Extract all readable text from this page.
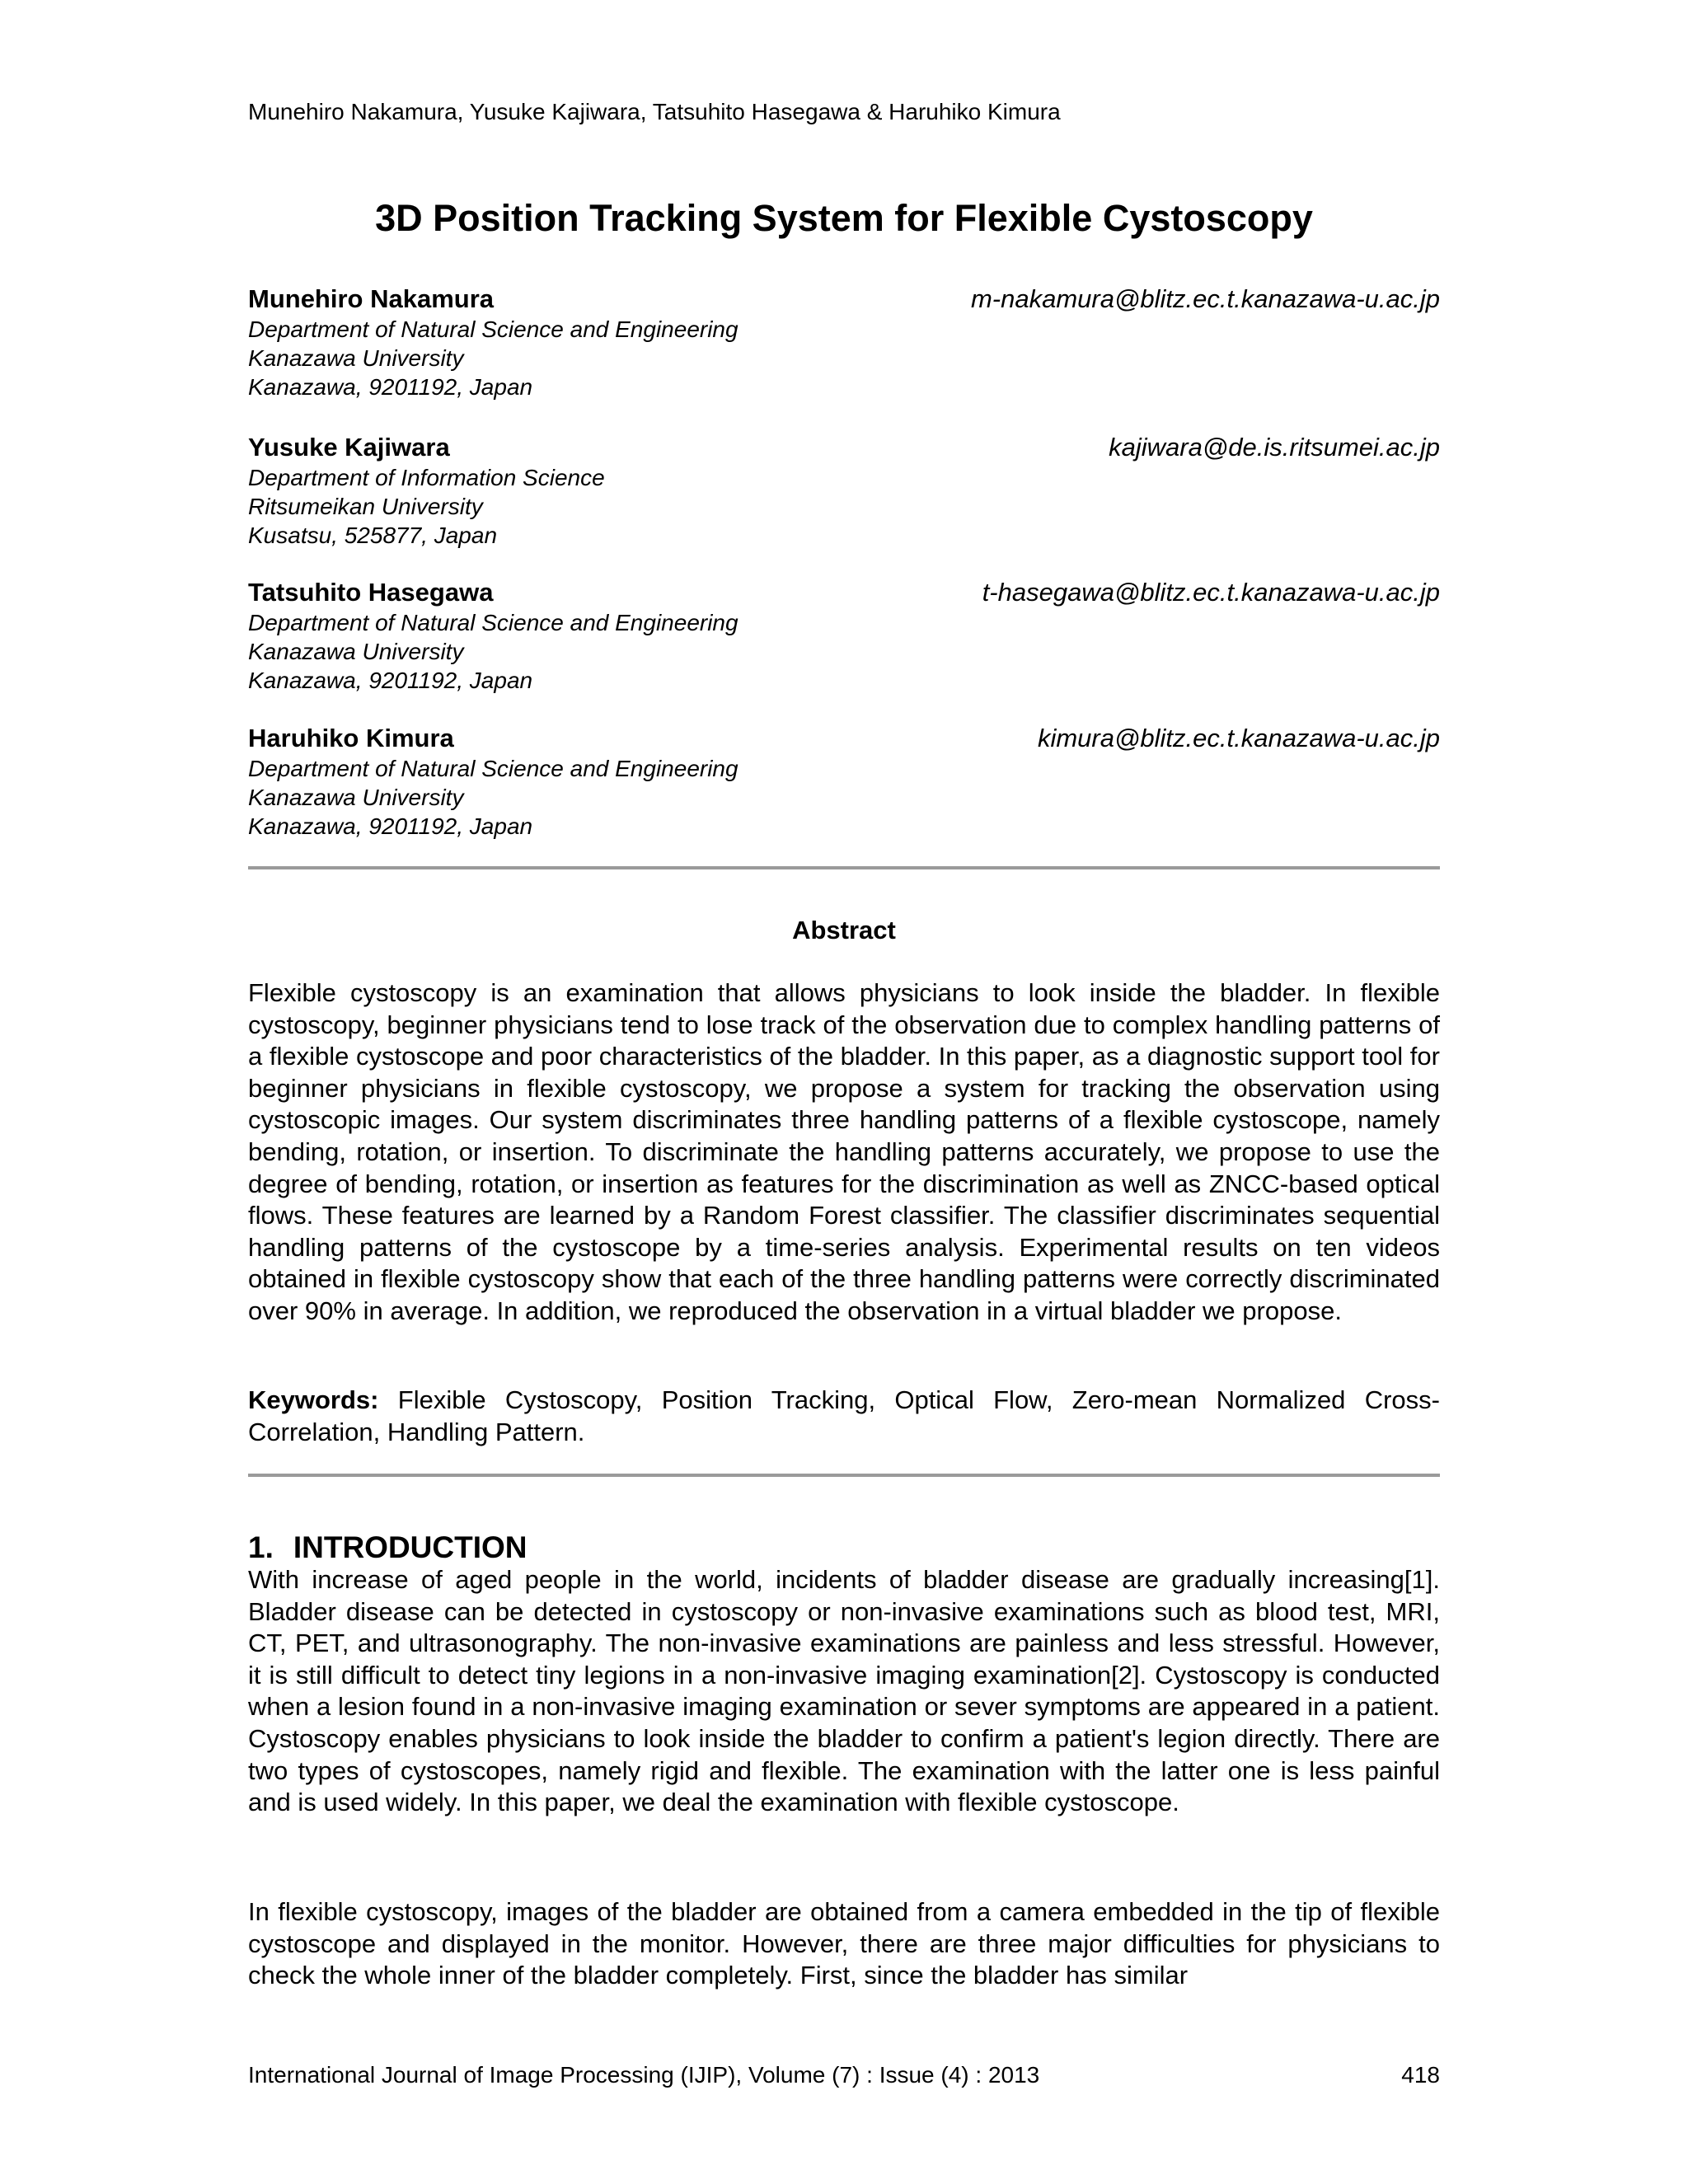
Munehiro Nakamura, Yusuke Kajiwara, Tatsuhito Hasegawa & Haruhiko Kimura
3D Position Tracking System for Flexible Cystoscopy
Munehiro Nakamura	m-nakamura@blitz.ec.t.kanazawa-u.ac.jp
Department of Natural Science and Engineering
Kanazawa University
Kanazawa, 9201192, Japan
Yusuke Kajiwara	kajiwara@de.is.ritsumei.ac.jp
Department of Information Science
Ritsumeikan University
Kusatsu, 525877, Japan
Tatsuhito Hasegawa	t-hasegawa@blitz.ec.t.kanazawa-u.ac.jp
Department of Natural Science and Engineering
Kanazawa University
Kanazawa, 9201192, Japan
Haruhiko Kimura	kimura@blitz.ec.t.kanazawa-u.ac.jp
Department of Natural Science and Engineering
Kanazawa University
Kanazawa, 9201192, Japan
Abstract
Flexible cystoscopy is an examination that allows physicians to look inside the bladder. In flexible cystoscopy, beginner physicians tend to lose track of the observation due to complex handling patterns of a flexible cystoscope and poor characteristics of the bladder. In this paper, as a diagnostic support tool for beginner physicians in flexible cystoscopy, we propose a system for tracking the observation using cystoscopic images. Our system discriminates three handling patterns of a flexible cystoscope, namely bending, rotation, or insertion. To discriminate the handling patterns accurately, we propose to use the degree of bending, rotation, or insertion as features for the discrimination as well as ZNCC-based optical flows. These features are learned by a Random Forest classifier. The classifier discriminates sequential handling patterns of the cystoscope by a time-series analysis. Experimental results on ten videos obtained in flexible cystoscopy show that each of the three handling patterns were correctly discriminated over 90% in average. In addition, we reproduced the observation in a virtual bladder we propose.
Keywords: Flexible Cystoscopy, Position Tracking, Optical Flow, Zero-mean Normalized Cross-Correlation, Handling Pattern.
1. INTRODUCTION
With increase of aged people in the world, incidents of bladder disease are gradually increasing[1]. Bladder disease can be detected in cystoscopy or non-invasive examinations such as blood test, MRI, CT, PET, and ultrasonography. The non-invasive examinations are painless and less stressful. However, it is still difficult to detect tiny legions in a non-invasive imaging examination[2]. Cystoscopy is conducted when a lesion found in a non-invasive imaging examination or sever symptoms are appeared in a patient. Cystoscopy enables physicians to look inside the bladder to confirm a patient's legion directly. There are two types of cystoscopes, namely rigid and flexible. The examination with the latter one is less painful and is used widely. In this paper, we deal the examination with flexible cystoscope.
In flexible cystoscopy, images of the bladder are obtained from a camera embedded in the tip of flexible cystoscope and displayed in the monitor. However, there are three major difficulties for physicians to check the whole inner of the bladder completely. First, since the bladder has similar
International Journal of Image Processing (IJIP), Volume (7) : Issue (4) : 2013	418
